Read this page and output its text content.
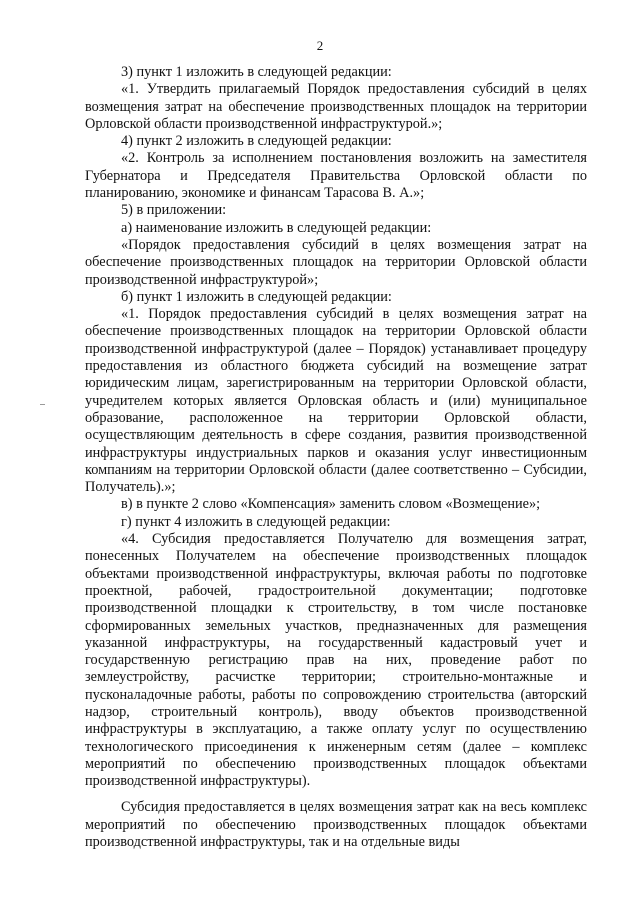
2

3) пункт 1 изложить в следующей редакции:

«1. Утвердить прилагаемый Порядок предоставления субсидий в целях возмещения затрат на обеспечение производственных площадок на территории Орловской области производственной инфраструктурой.»;

4) пункт 2 изложить в следующей редакции:

«2. Контроль за исполнением постановления возложить на заместителя Губернатора и Председателя Правительства Орловской области по планированию, экономике и финансам Тарасова В. А.»;

5) в приложении:

а) наименование изложить в следующей редакции:

«Порядок предоставления субсидий в целях возмещения затрат на обеспечение производственных площадок на территории Орловской области производственной инфраструктурой»;

б) пункт 1 изложить в следующей редакции:

«1. Порядок предоставления субсидий в целях возмещения затрат на обеспечение производственных площадок на территории Орловской области производственной инфраструктурой (далее – Порядок) устанавливает процедуру предоставления из областного бюджета субсидий на возмещение затрат юридическим лицам, зарегистрированным на территории Орловской области, учредителем которых является Орловская область и (или) муниципальное образование, расположенное на территории Орловской области, осуществляющим деятельность в сфере создания, развития производственной инфраструктуры индустриальных парков и оказания услуг инвестиционным компаниям на территории Орловской области (далее соответственно – Субсидии, Получатель).»;

в) в пункте 2 слово «Компенсация» заменить словом «Возмещение»;

г) пункт 4 изложить в следующей редакции:

«4. Субсидия предоставляется Получателю для возмещения затрат, понесенных Получателем на обеспечение производственных площадок объектами производственной инфраструктуры, включая работы по подготовке проектной, рабочей, градостроительной документации; подготовке производственной площадки к строительству, в том числе постановке сформированных земельных участков, предназначенных для размещения указанной инфраструктуры, на государственный кадастровый учет и государственную регистрацию прав на них, проведение работ по землеустройству, расчистке территории; строительно-монтажные и пусконаладочные работы, работы по сопровождению строительства (авторский надзор, строительный контроль), вводу объектов производственной инфраструктуры в эксплуатацию, а также оплату услуг по осуществлению технологического присоединения к инженерным сетям (далее – комплекс мероприятий по обеспечению производственных площадок объектами производственной инфраструктуры).

Субсидия предоставляется в целях возмещения затрат как на весь комплекс мероприятий по обеспечению производственных площадок объектами производственной инфраструктуры, так и на отдельные виды
